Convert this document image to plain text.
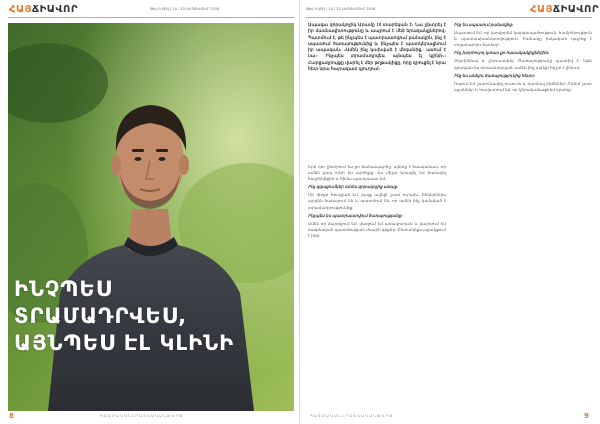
ՀԱՅՃԻԱՎՈՐ	Թիվ 9 (85) | 10 - 23 ՍԵՊՏԵՄԲԵՐ 2018
ԻՆՉՊԵՍ
ՏՐԱՄԱԴՐՎԵՍ,
ԱՅՆՊԵՍ ԷԼ ԿԼԻՆԻ
8	Պ Ա Տ Մ Ա Կ Ա Ն Լ Ր Ա Տ Վ Ա Կ Ա Ն Թ Ե Ր Թ
Թիվ 9 (85) | 10 - 23 ՍԵՊՏԵՄԲԵՐ 2018	ՀԱՅՃԻԱՎՈՐ
Ապագա զորակոչիկ Արամը 18 տարեկան է: Նա ընտրել է իր մասնագիտությունը և ապրում է մեծ երազանքներով: Պատմում է, թե ինչպես է պատրաստվում բանակին, ինչ է սպասում ծառայությունից և ինչպես է պատկերացնում իր ապագան: «Ամեն ինչ կախված է մեզանից,- ասում է նա:- Ինչպես տրամադրվես, այնպես էլ կլինի»: Հարցազրույցը վարել է մեր թղթակիցը, որը զրուցել է նրա հետ նրա հարազատ գյուղում:

Երբ դու ընտրում ես քո ճանապարհը, պետք է հասկանաս, որ ամեն քայլ ունի իր արժեքը: Ես միշտ երազել եմ ծառայել հայրենիքին և հիմա պատրաստ եմ:

Ինչ զգացումներ ունես զորակոչից առաջ:

Մի փոքր հուզված եմ, բայց ավելի շատ ուրախ: Ընկերներս արդեն ծառայում են և պատմում են, որ ամեն ինչ կախված է տրամադրությունից:

Ինչպես ես պատրաստվում ծառայությանը:

Ամեն օր մարզվում եմ, վազում եմ առավոտյան և կարդում եմ ռազմական պատմության մասին գրքեր: Ընտանիքս աջակցում է ինձ:

Ինչ ես սպասում բանակից:

Սպասում եմ, որ կսովորեմ կարգապահություն, համբերություն և պատասխանատվություն: Բանակը իսկական դպրոց է տղամարդու համար:

Ինչ խորհուրդ կտաս քո հասակակիցներին:

Չվախենալ և չխուսափել: Ծառայությունը պատիվ է: Եթե դրական ես տրամադրված, ամեն ինչ ավելի հեշտ է լինում:

Ինչ ես անելու ծառայությունից հետո:

Ուզում եմ շարունակել ուսումս և դառնալ ինժեներ: Ունեմ շատ պլաններ և հավատում եմ, որ կիրականացնեմ դրանք:

Պ Ա Տ Մ Ա Կ Ա Ն Լ Ր Ա Տ Վ Ա Կ Ա Ն Թ Ե Ր Թ	9
